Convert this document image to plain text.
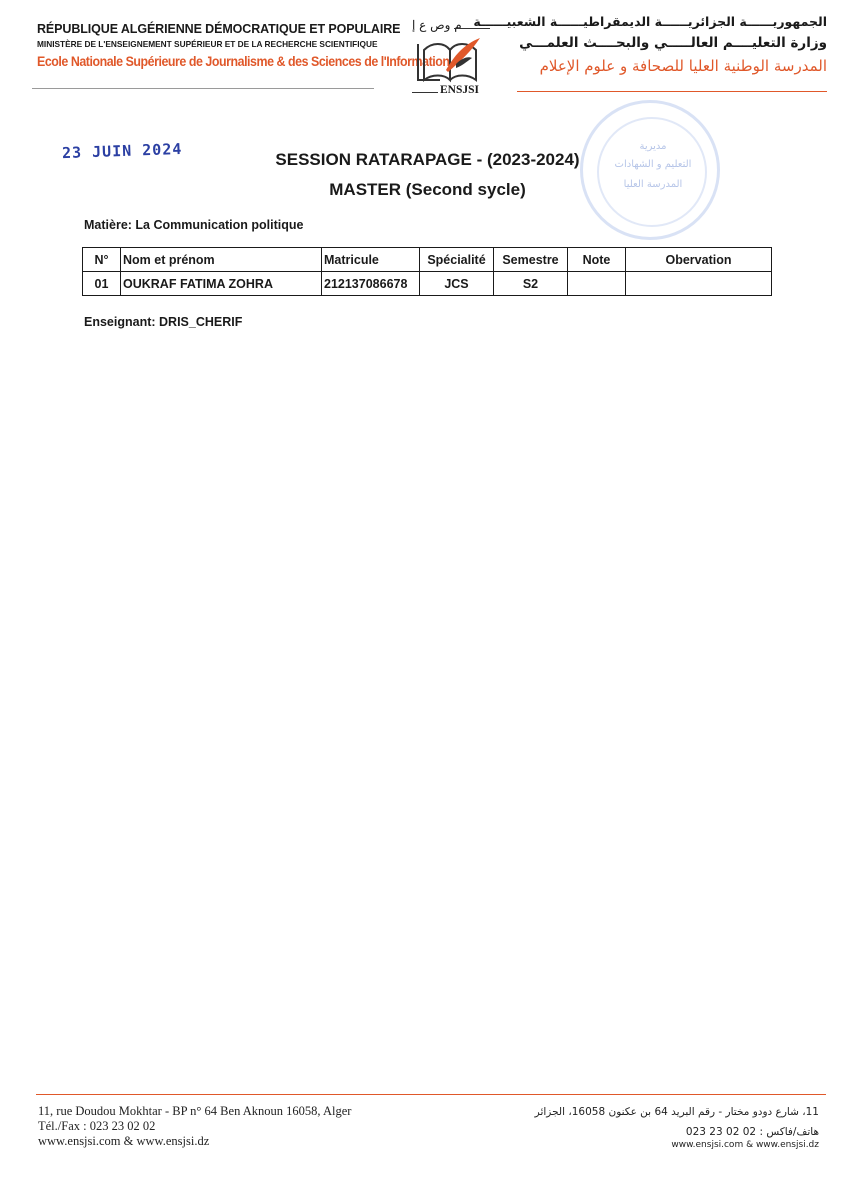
RÉPUBLIQUE ALGÉRIENNE DÉMOCRATIQUE ET POPULAIRE
MINISTÈRE DE L'ENSEIGNEMENT SUPÉRIEUR ET DE LA RECHERCHE SCIENTIFIQUE
Ecole Nationale Supérieure de Journalisme & des Sciences de l'Information
م وص ع إ
ENSJSI
الجمهوريــــــة الجزائريــــــة الديمقراطيــــــة الشعبيــــــة
وزارة التعليــــم العالـــــي والبحــــث العلمـــي
المدرسة الوطنية العليا للصحافة و علوم الإعلام
23 JUIN 2024	مديرية
التعليم و الشهادات
المدرسة العليا
SESSION RATARAPAGE - (2023-2024)
MASTER (Second sycle)
Matière: La Communication politique
N°	Nom et prénom	Matricule	Spécialité	Semestre	Note	Obervation
01	OUKRAF FATIMA ZOHRA	212137086678	JCS	S2		
Enseignant: DRIS_CHERIF
11, rue Doudou Mokhtar - BP n° 64 Ben Aknoun 16058, Alger
Tél./Fax : 023 23 02 02
www.ensjsi.com & www.ensjsi.dz
11، شارع دودو مختار - رقم البريد 64 بن عكنون 16058، الجزائر
هاتف/فاكس : 02 02 23 023
www.ensjsi.com & www.ensjsi.dz
